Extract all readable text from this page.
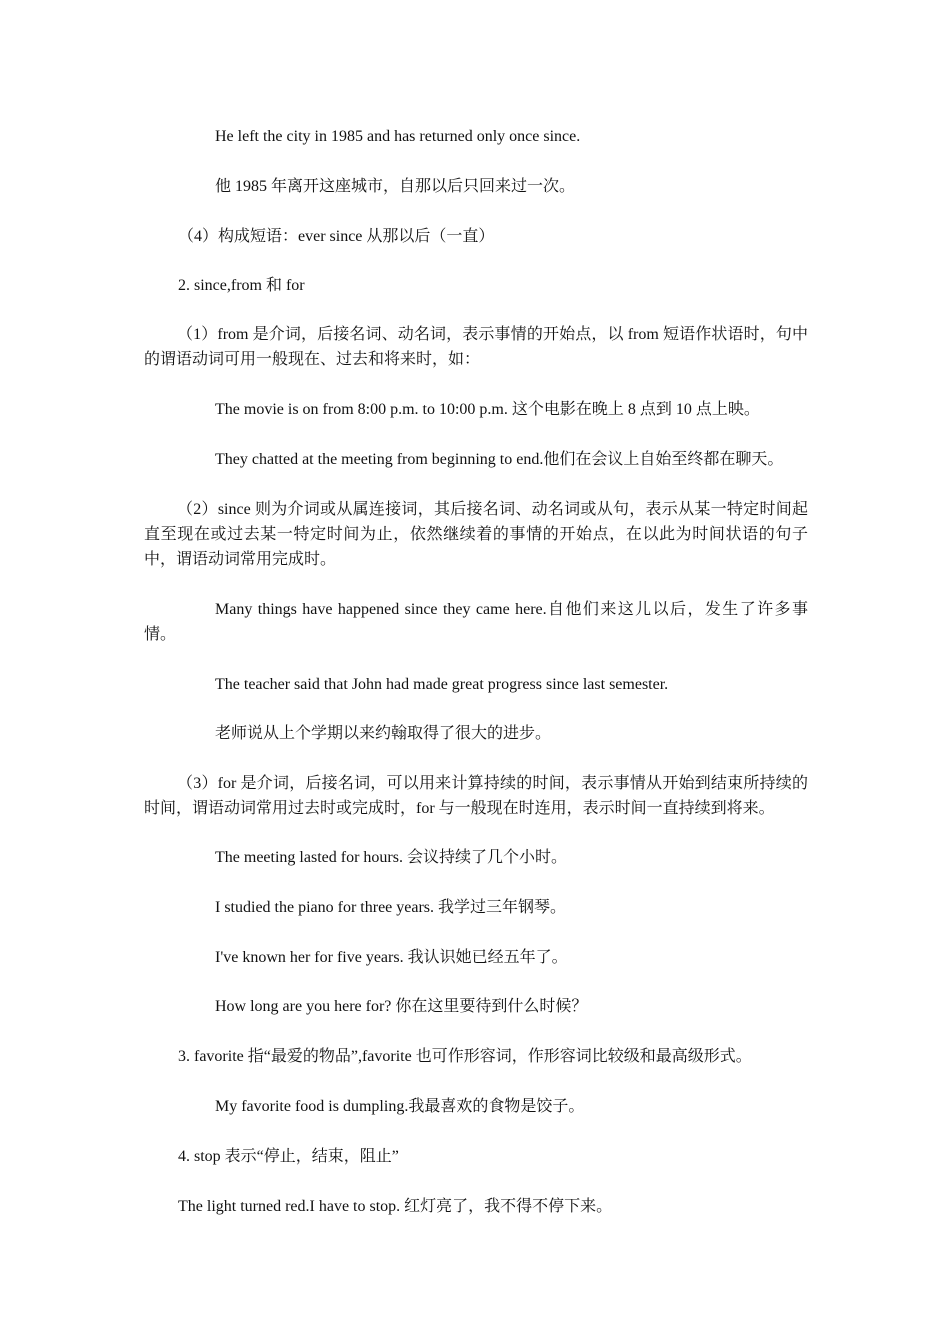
He left the city in 1985 and has returned only once since.
他 1985 年离开这座城市，自那以后只回来过一次。
（4）构成短语：ever since 从那以后（一直）
2. since,from 和 for
（1）from 是介词，后接名词、动名词，表示事情的开始点，以 from 短语作状语时，句中的谓语动词可用一般现在、过去和将来时，如：
The movie is on from 8:00 p.m. to 10:00 p.m. 这个电影在晚上 8 点到 10 点上映。
They chatted at the meeting from beginning to end.他们在会议上自始至终都在聊天。
（2）since 则为介词或从属连接词，其后接名词、动名词或从句，表示从某一特定时间起直至现在或过去某一特定时间为止，依然继续着的事情的开始点，在以此为时间状语的句子中，谓语动词常用完成时。
Many things have happened since they came here.自他们来这儿以后，发生了许多事情。
The teacher said that John had made great progress since last semester.
老师说从上个学期以来约翰取得了很大的进步。
（3）for 是介词，后接名词，可以用来计算持续的时间，表示事情从开始到结束所持续的时间，谓语动词常用过去时或完成时，for 与一般现在时连用，表示时间一直持续到将来。
The meeting lasted for hours. 会议持续了几个小时。
I studied the piano for three years. 我学过三年钢琴。
I've known her for five years. 我认识她已经五年了。
How long are you here for? 你在这里要待到什么时候？
3. favorite 指“最爱的物品”,favorite 也可作形容词，作形容词比较级和最高级形式。
My favorite food is dumpling.我最喜欢的食物是饺子。
4. stop 表示“停止，结束，阻止”
The light turned red.I have to stop. 红灯亮了，我不得不停下来。
